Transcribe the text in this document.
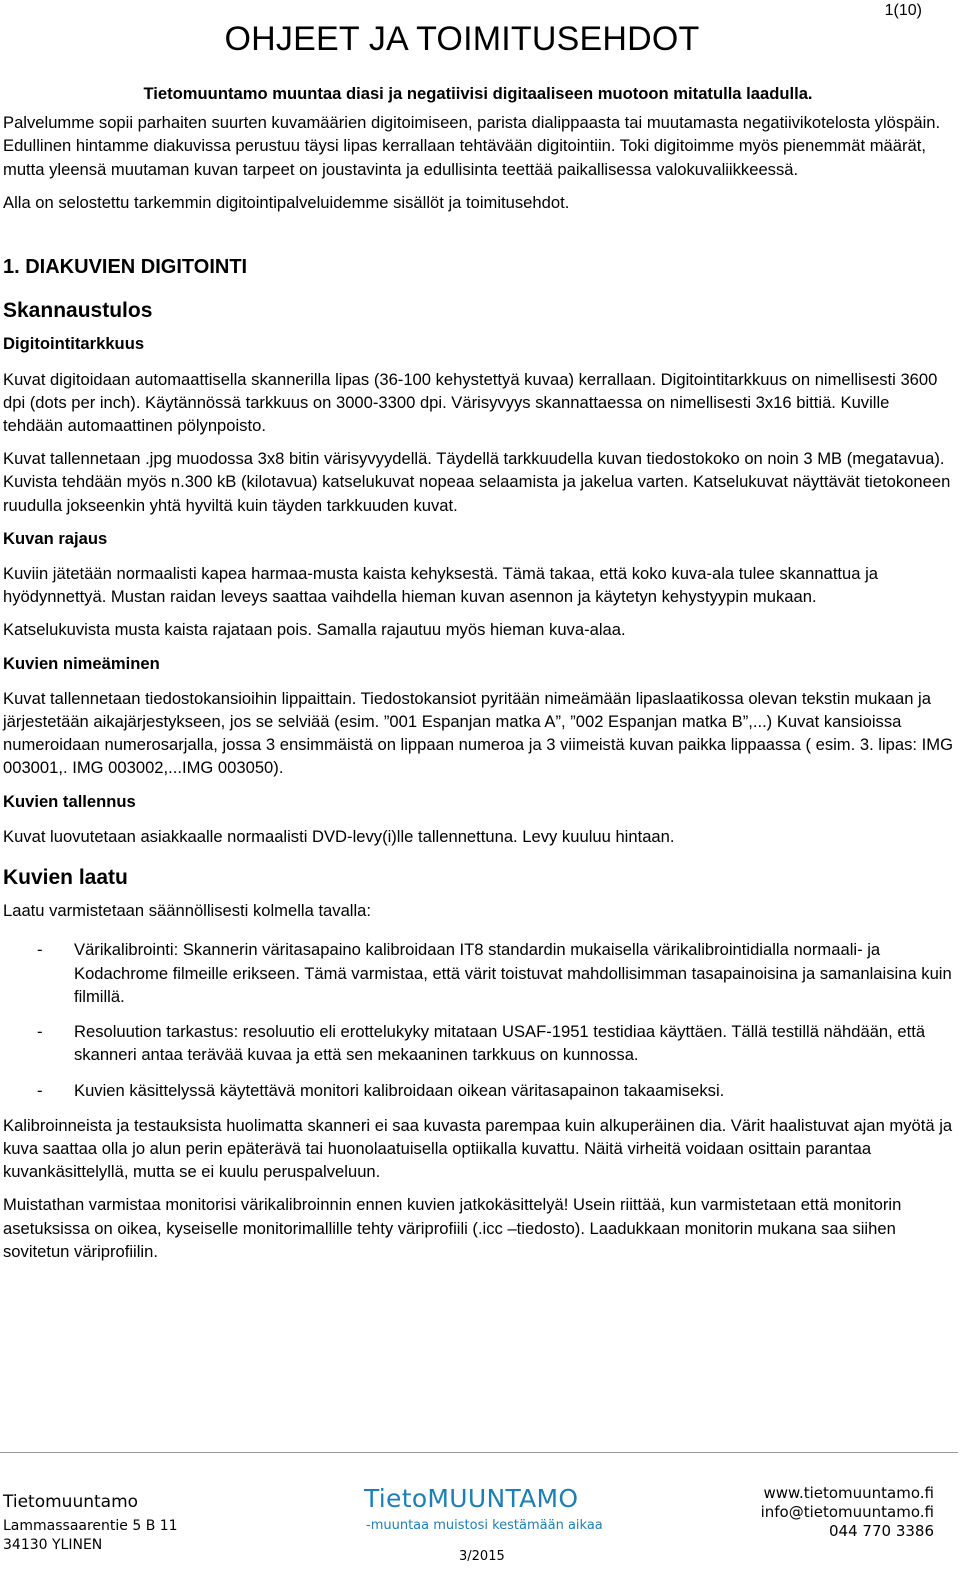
1(10)
OHJEET JA TOIMITUSEHDOT

Tietomuuntamo muuntaa diasi ja negatiivisi digitaaliseen muotoon mitatulla laadulla.

Palvelumme sopii parhaiten suurten kuvamäärien digitoimiseen, parista dialippaasta tai muutamasta negatiivikotelosta ylöspäin. Edullinen hintamme diakuvissa perustuu täysi lipas kerrallaan tehtävään digitointiin. Toki digitoimme myös pienemmät määrät, mutta yleensä muutaman kuvan tarpeet on joustavinta ja edullisinta teettää paikallisessa valokuvaliikkeessä.

Alla on selostettu tarkemmin digitointipalveluidemme sisällöt ja toimitusehdot.

1. DIAKUVIEN DIGITOINTI

Skannaustulos

Digitointitarkkuus

Kuvat digitoidaan automaattisella skannerilla lipas (36-100 kehystettyä kuvaa) kerrallaan. Digitointitarkkuus on nimellisesti 3600 dpi (dots per inch). Käytännössä tarkkuus on 3000-3300 dpi. Värisyvyys skannattaessa on nimellisesti 3x16 bittiä. Kuville tehdään automaattinen pölynpoisto.

Kuvat tallennetaan .jpg muodossa 3x8 bitin värisyvyydellä. Täydellä tarkkuudella kuvan tiedostokoko on noin 3 MB (megatavua). Kuvista tehdään myös n.300 kB (kilotavua) katselukuvat nopeaa selaamista ja jakelua varten. Katselukuvat näyttävät tietokoneen ruudulla jokseenkin yhtä hyviltä kuin täyden tarkkuuden kuvat.

Kuvan rajaus

Kuviin jätetään normaalisti kapea harmaa-musta kaista kehyksestä. Tämä takaa, että koko kuva-ala tulee skannattua ja hyödynnettyä. Mustan raidan leveys saattaa vaihdella hieman kuvan asennon ja käytetyn kehystyypin mukaan.

Katselukuvista musta kaista rajataan pois. Samalla rajautuu myös hieman kuva-alaa.

Kuvien nimeäminen

Kuvat tallennetaan tiedostokansioihin lippaittain. Tiedostokansiot pyritään nimeämään lipaslaatikossa olevan tekstin mukaan ja järjestetään aikajärjestykseen, jos se selviää (esim. ”001 Espanjan matka A”, ”002 Espanjan matka B”,...) Kuvat kansioissa numeroidaan numerosarjalla, jossa 3 ensimmäistä on lippaan numeroa ja 3 viimeistä kuvan paikka lippaassa ( esim. 3. lipas: IMG 003001,. IMG 003002,...IMG 003050).

Kuvien tallennus

Kuvat luovutetaan asiakkaalle normaalisti DVD-levy(i)lle tallennettuna. Levy kuuluu hintaan.

Kuvien laatu

Laatu varmistetaan säännöllisesti kolmella tavalla:

- Värikalibrointi: Skannerin väritasapaino kalibroidaan IT8 standardin mukaisella värikalibrointidialla normaali- ja Kodachrome filmeille erikseen. Tämä varmistaa, että värit toistuvat mahdollisimman tasapainoisina ja samanlaisina kuin filmillä.
- Resoluution tarkastus: resoluutio eli erottelukyky mitataan USAF-1951 testidiaa käyttäen. Tällä testillä nähdään, että skanneri antaa terävää kuvaa ja että sen mekaaninen tarkkuus on kunnossa.
- Kuvien käsittelyssä käytettävä monitori kalibroidaan oikean väritasapainon takaamiseksi.

Kalibroinneista ja testauksista huolimatta skanneri ei saa kuvasta parempaa kuin alkuperäinen dia. Värit haalistuvat ajan myötä ja kuva saattaa olla jo alun perin epäterävä tai huonolaatuisella optiikalla kuvattu. Näitä virheitä voidaan osittain parantaa kuvankäsittelyllä, mutta se ei kuulu peruspalveluun.

Muistathan varmistaa monitorisi värikalibroinnin ennen kuvien jatkokäsittelyä! Usein riittää, kun varmistetaan että monitorin asetuksissa on oikea, kyseiselle monitorimallille tehty väriprofiili (.icc –tiedosto). Laadukkaan monitorin mukana saa siihen sovitetun väriprofiilin.

Tietomuuntamo
Lammassaarentie 5 B 11
34130 YLINEN
TietoMUUNTAMO
-muuntaa muistosi kestämään aikaa
3/2015
www.tietomuuntamo.fi
info@tietomuuntamo.fi
044 770 3386
